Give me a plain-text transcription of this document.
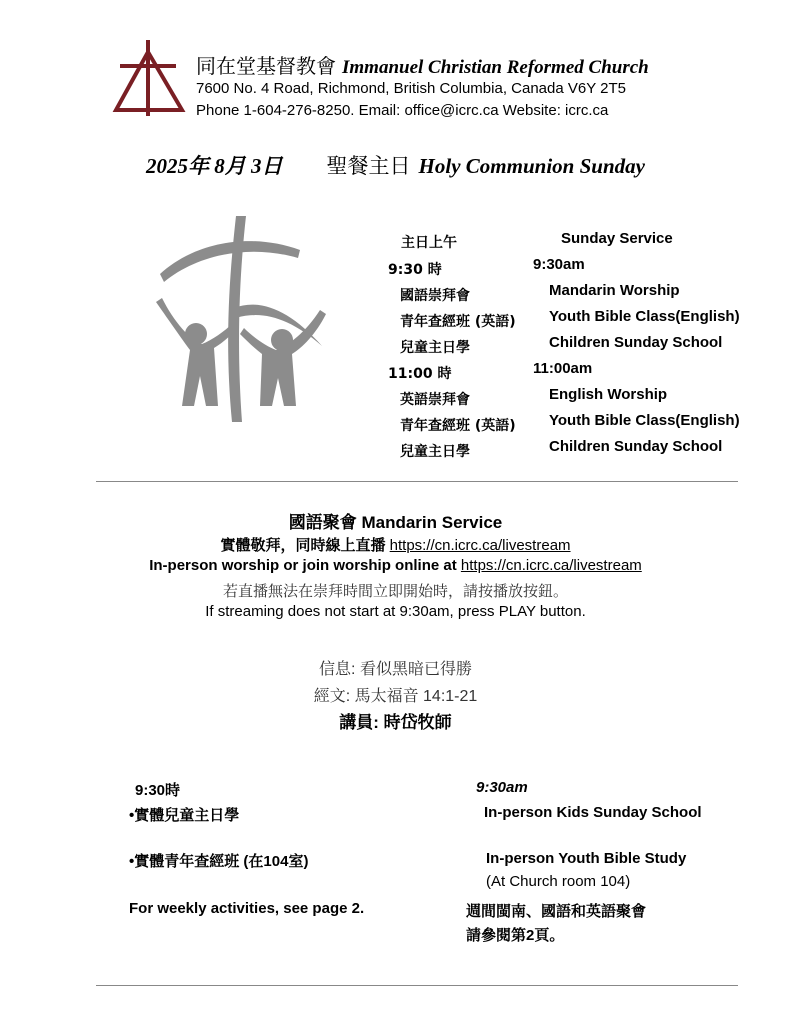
同在堂基督教會 Immanuel Christian Reformed Church
7600 No. 4 Road, Richmond, British Columbia, Canada V6Y 2T5
Phone 1-604-276-8250. Email: office@icrc.ca Website: icrc.ca
2025年 8月 3日 聖餐主日 Holy Communion Sunday
主日上午
9:30 時
國語崇拜會
青年查經班 (英語)
兒童主日學
11:00 時
英語崇拜會
青年查經班 (英語)
兒童主日學
Sunday Service
9:30am
Mandarin Worship
Youth Bible Class(English)
Children Sunday School
11:00am
English Worship
Youth Bible Class(English)
Children Sunday School
國語聚會 Mandarin Service
實體敬拜，同時線上直播 https://cn.icrc.ca/livestream
In-person worship or join worship online at https://cn.icrc.ca/livestream
若直播無法在崇拜時間立即開始時，請按播放按鈕。
If streaming does not start at 9:30am, press PLAY button.
信息: 看似黑暗已得勝
經文: 馬太福音 14:1-21
講員: 時岱牧師
9:30時
•實體兒童主日學
•實體青年查經班 (在104室)
For weekly activities, see page 2.
9:30am
In-person Kids Sunday School
In-person Youth Bible Study
(At Church room 104)
週間閩南、國語和英語聚會
請參閱第2頁。
